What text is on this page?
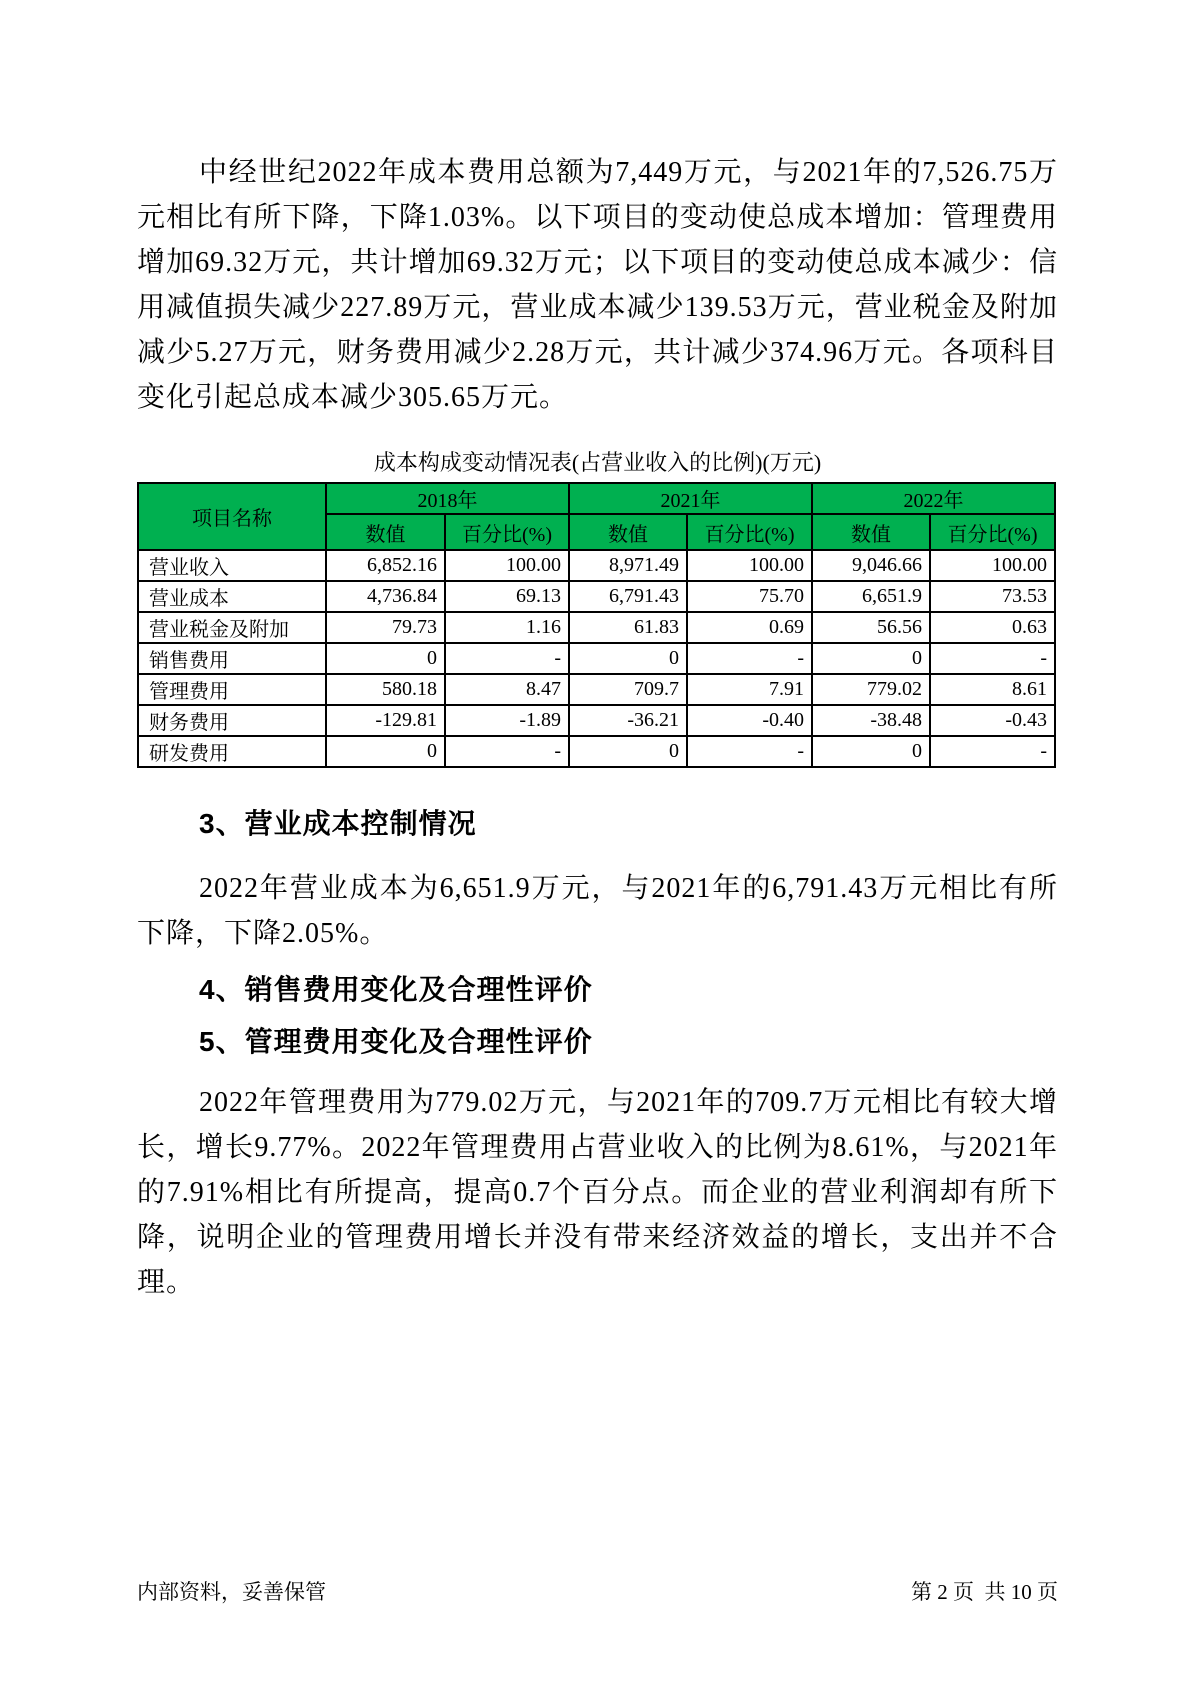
中经世纪2022年成本费用总额为7,449万元，与2021年的7,526.75万元相比有所下降，下降1.03%。以下项目的变动使总成本增加：管理费用增加69.32万元，共计增加69.32万元；以下项目的变动使总成本减少：信用减值损失减少227.89万元，营业成本减少139.53万元，营业税金及附加减少5.27万元，财务费用减少2.28万元，共计减少374.96万元。各项科目变化引起总成本减少305.65万元。

成本构成变动情况表(占营业收入的比例)(万元)

项目名称	2018年		2021年		2022年	
	数值	百分比(%)	数值	百分比(%)	数值	百分比(%)
营业收入	6,852.16	100.00	8,971.49	100.00	9,046.66	100.00
营业成本	4,736.84	69.13	6,791.43	75.70	6,651.9	73.53
营业税金及附加	79.73	1.16	61.83	0.69	56.56	0.63
销售费用	0	-	0	-	0	-
管理费用	580.18	8.47	709.7	7.91	779.02	8.61
财务费用	-129.81	-1.89	-36.21	-0.40	-38.48	-0.43
研发费用	0	-	0	-	0	-
3、营业成本控制情况

2022年营业成本为6,651.9万元，与2021年的6,791.43万元相比有所下降，下降2.05%。

4、销售费用变化及合理性评价
5、管理费用变化及合理性评价

2022年管理费用为779.02万元，与2021年的709.7万元相比有较大增长，增长9.77%。2022年管理费用占营业收入的比例为8.61%，与2021年的7.91%相比有所提高，提高0.7个百分点。而企业的营业利润却有所下降，说明企业的管理费用增长并没有带来经济效益的增长，支出并不合理。

内部资料，妥善保管	第 2 页  共 10 页
